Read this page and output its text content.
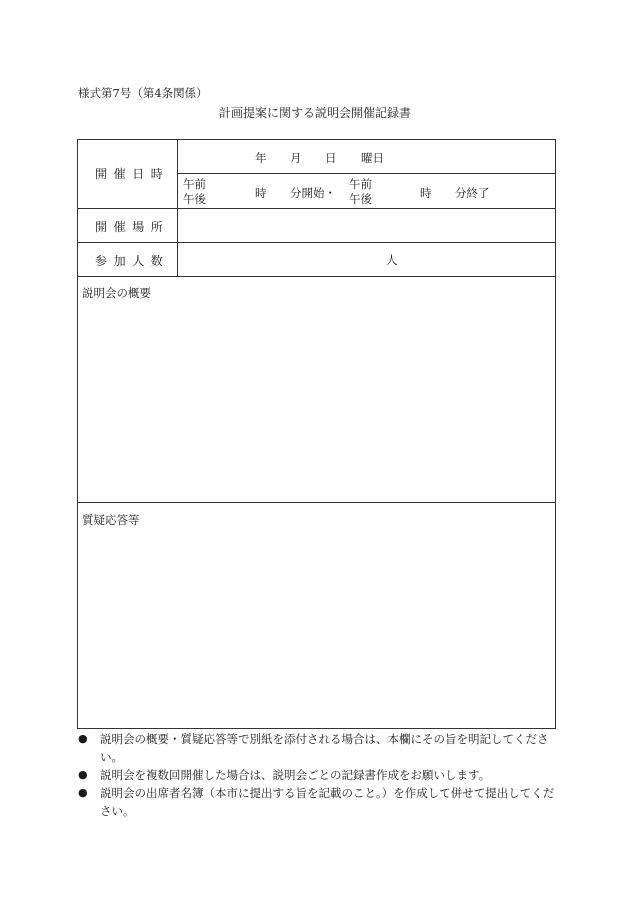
様式第7号（第4条関係）
計画提案に関する説明会開催記録書
開催日時
開催場所
参加人数
年 月 日 曜日
午前
午後	時 分開始・
午前
午後	時 分終了
人
説明会の概要
質疑応答等
● 説明会の概要・質疑応答等で別紙を添付される場合は、本欄にその旨を明記してください。
● 説明会を複数回開催した場合は、説明会ごとの記録書作成をお願いします。
● 説明会の出席者名簿（本市に提出する旨を記載のこと。）を作成して併せて提出してください。
